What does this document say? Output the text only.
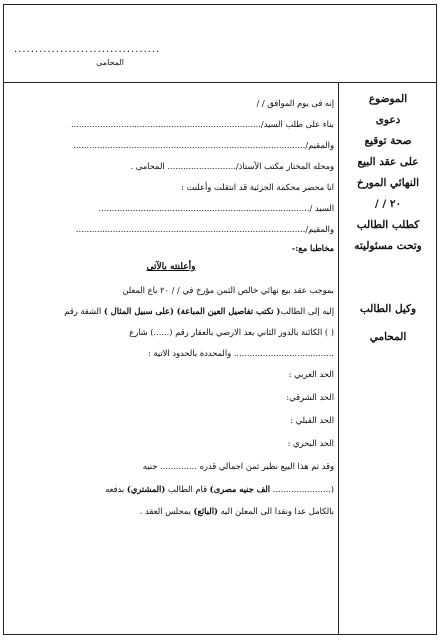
...................................
المحامى
الموضوع
دعوى
صحة توقيع
على عقد البيع
النهائي المورخ
/ / ٢٠
كطلب الطالب
وتحت مسئوليته
وكيل الطالب
المحامي
إنه فى يوم الموافق / /
بناء على طلب السيد/........................................................................
والمقيم/........................................................................................
ومحله المختار مكتب الأستاذ/.......................... المحامى .
انا محضر محكمة الجزئية قد انتقلت وأعلنت :
السيد /................................................................................
والمقيم/.......................................................................................
مخاطبا مع:-
وأعلنته بالآتى
بموجب عقد بيع نهائي خالص الثمن مؤرخ في / / ٢٠ باع المعلن
إليه إلى الطالب( تكتب تفاصيل العين المباعة) (على سبيل المثال ) الشقة رقم
( ) الكائنة بالدور الثاني بعد الارضي بالعقار رقم (......) شارع
...................................... والمحددة بالحدود الاتية :
الحد الغربي :
الحد الشرقي:
الحد القبلي :
الحد البحري :
وقد تم هذا البيع نظير ثمن اجمالي قدره .............. جنيه
(...................... الف جنيه مصرى) قام الطالب (المشتري) بدفعه
بالكامل عدا ونقدا الى المعلن اليه (البائع) بمجلس العقد .
